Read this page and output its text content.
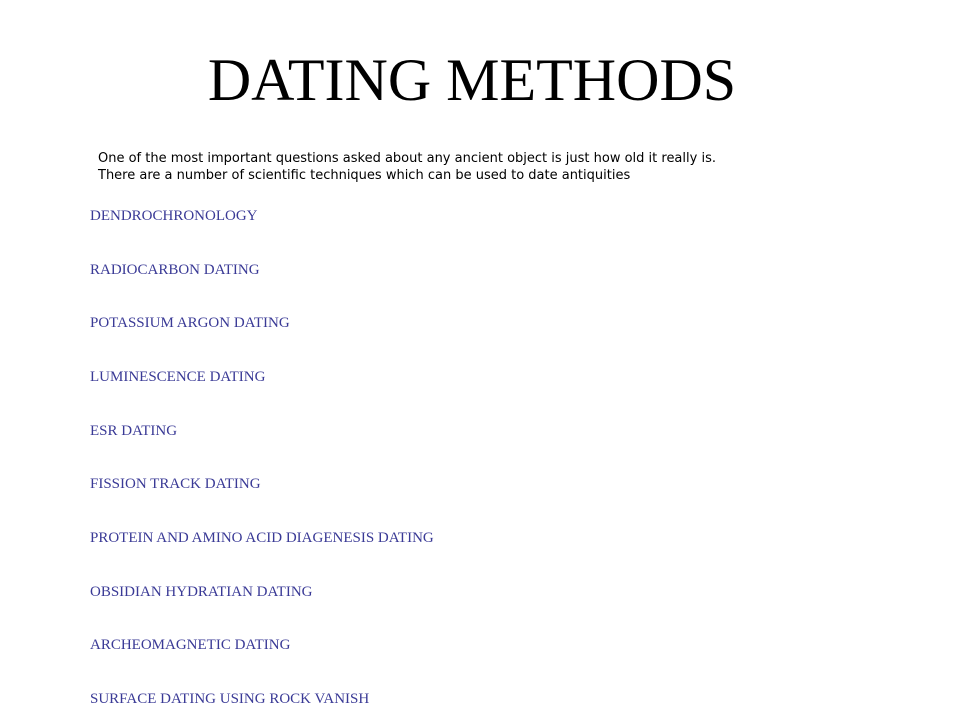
DATING METHODS
One of the most important questions asked about any ancient object is just how old it really is.
There are a number of scientific techniques which can be used to date antiquities
DENDROCHRONOLOGY
RADIOCARBON DATING
POTASSIUM ARGON DATING
LUMINESCENCE DATING
ESR DATING
FISSION TRACK DATING
PROTEIN AND AMINO ACID DIAGENESIS DATING
OBSIDIAN HYDRATIAN DATING
ARCHEOMAGNETIC DATING
SURFACE DATING USING ROCK VANISH
